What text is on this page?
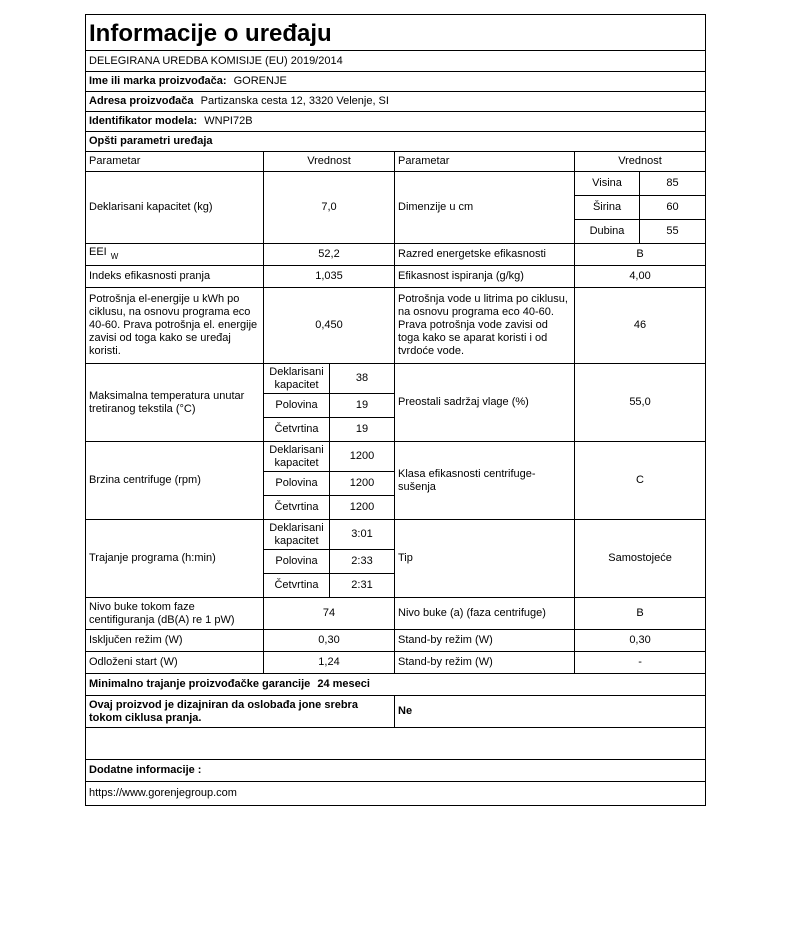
Informacije o uređaju					
DELEGIRANA UREDBA KOMISIJE (EU) 2019/2014					
Ime ili marka proizvođača: GORENJE					
Adresa proizvođača Partizanska cesta 12, 3320 Velenje, SI					
Identifikator modela: WNPI72B					
Opšti parametri uređaja					
Parametar	Vrednost		Parametar	Vrednost	
Deklarisani kapacitet (kg)	7,0		Dimenzije u cm	Visina	85
				Širina	60
				Dubina	55
EEI $_W$	52,2		Razred energetske efikasnosti	B	
Indeks efikasnosti pranja	1,035		Efikasnost ispiranja (g/kg)	4,00	
Potrošnja el-energije u kWh po ciklusu, na osnovu programa eco 40-60. Prava potrošnja el. energije zavisi od toga kako se uređaj koristi.	0,450		Potrošnja vode u litrima po ciklusu, na osnovu programa eco 40-60. Prava potrošnja vode zavisi od toga kako se aparat koristi i od tvrdoće vode.	46	
Maksimalna temperatura unutar tretiranog tekstila (°C)	Deklarisani kapacitet	38	Preostali sadržaj vlage (%)	55,0	
	Polovina	19			
	Četvrtina	19			
Brzina centrifuge (rpm)	Deklarisani kapacitet	1200	Klasa efikasnosti centrifuge-sušenja	C	
	Polovina	1200			
	Četvrtina	1200			
Trajanje programa (h:min)	Deklarisani kapacitet	3:01	Tip	Samostojeće	
	Polovina	2:33			
	Četvrtina	2:31			
Nivo buke tokom faze centifiguranja (dB(A) re 1 pW)	74		Nivo buke (a) (faza centrifuge)	B	
Isključen režim (W)	0,30		Stand-by režim (W)	0,30	
Odloženi start (W)	1,24		Stand-by režim (W)	-	
Minimalno trajanje proizvođačke garancije 24 meseci					
Ovaj proizvod je dizajniran da oslobađa jone srebra tokom ciklusa pranja.			Ne		

Dodatne informacije :					
https://www.gorenjegroup.com					
